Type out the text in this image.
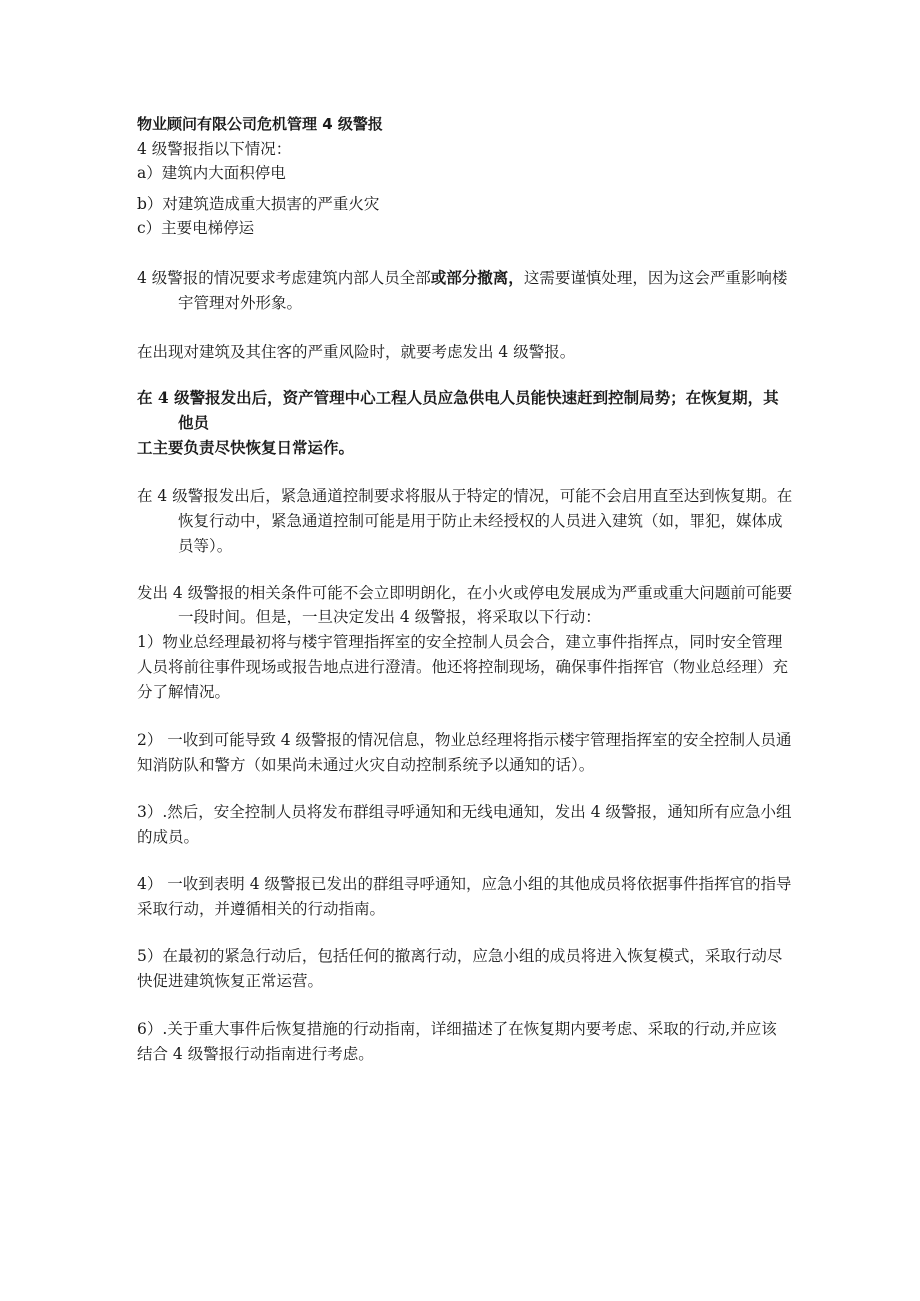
物业顾问有限公司危机管理 4 级警报
4 级警报指以下情况：
a）建筑内大面积停电
b）对建筑造成重大损害的严重火灾
c）主要电梯停运
4 级警报的情况要求考虑建筑内部人员全部或部分撤离，这需要谨慎处理，因为这会严重影响楼
宇管理对外形象。
在出现对建筑及其住客的严重风险时，就要考虑发出 4 级警报。
在 4 级警报发出后，资产管理中心工程人员应急供电人员能快速赶到控制局势；在恢复期，其
他员
工主要负责尽快恢复日常运作。
在 4 级警报发出后，紧急通道控制要求将服从于特定的情况，可能不会启用直至达到恢复期。在
恢复行动中，紧急通道控制可能是用于防止未经授权的人员进入建筑（如，罪犯，媒体成
员等）。
发出 4 级警报的相关条件可能不会立即明朗化，在小火或停电发展成为严重或重大问题前可能要
一段时间。但是，一旦决定发出 4 级警报，将采取以下行动：
1）物业总经理最初将与楼宇管理指挥室的安全控制人员会合，建立事件指挥点，同时安全管理
人员将前往事件现场或报告地点进行澄清。他还将控制现场，确保事件指挥官（物业总经理）充
分了解情况。
2） 一收到可能导致 4 级警报的情况信息，物业总经理将指示楼宇管理指挥室的安全控制人员通
知消防队和警方（如果尚未通过火灾自动控制系统予以通知的话）。
3）.然后，安全控制人员将发布群组寻呼通知和无线电通知，发出 4 级警报，通知所有应急小组
的成员。
4） 一收到表明 4 级警报已发出的群组寻呼通知，应急小组的其他成员将依据事件指挥官的指导
采取行动，并遵循相关的行动指南。
5）在最初的紧急行动后，包括任何的撤离行动，应急小组的成员将进入恢复模式，采取行动尽
快促进建筑恢复正常运营。
6）.关于重大事件后恢复措施的行动指南，详细描述了在恢复期内要考虑、采取的行动,并应该
结合 4 级警报行动指南进行考虑。
